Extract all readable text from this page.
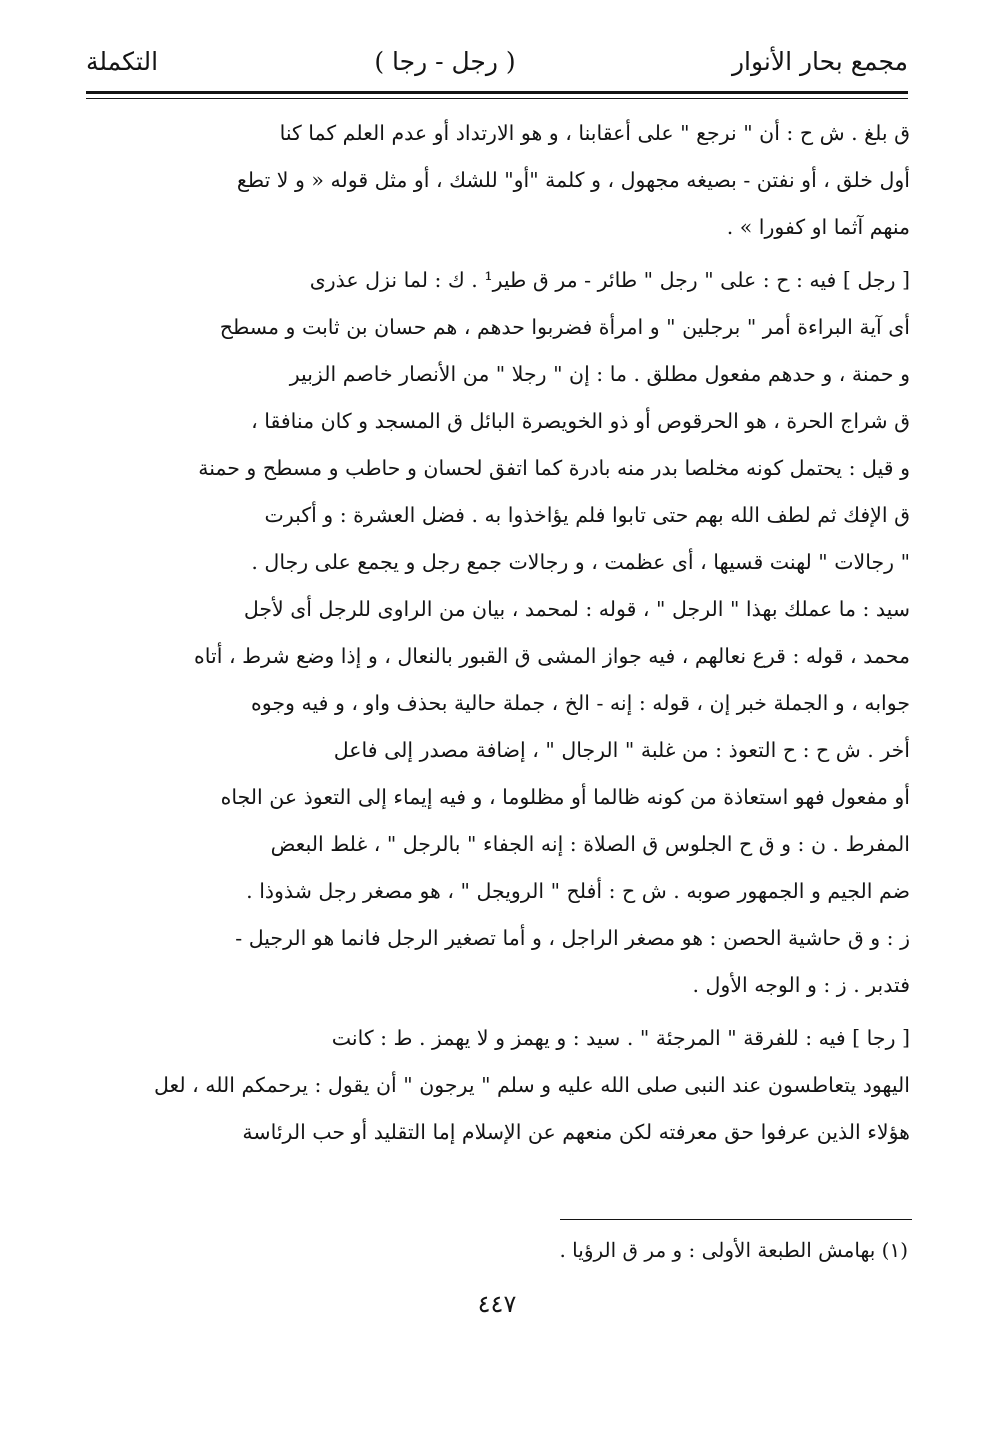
مجمع بحار الأنوار
( رجل - رجا )
التكملة

ق بلغ . ش ح : أن " نرجع " على أعقابنا ، و هو الارتداد أو عدم العلم كما كنا

أول خلق ، أو نفتن - بصيغه مجهول ، و كلمة "أو" للشك ، أو مثل قوله « و لا تطع

منهم آثما او كفورا » .

[ رجل ] فيه : ح : على " رجل " طائر - مر ق طير¹ . ك : لما نزل عذرى

أى آية البراءة أمر " برجلين " و امرأة فضربوا حدهم ، هم حسان بن ثابت و مسطح

و حمنة ، و حدهم مفعول مطلق . ما : إن " رجلا " من الأنصار خاصم الزبير

ق شراج الحرة ، هو الحرقوص أو ذو الخويصرة البائل ق المسجد و كان منافقا ،

و قيل : يحتمل كونه مخلصا بدر منه بادرة كما اتفق لحسان و حاطب و مسطح و حمنة

ق الإفك ثم لطف الله بهم حتى تابوا فلم يؤاخذوا به . فضل العشرة : و أكبرت

" رجالات " لهنت قسيها ، أى عظمت ، و رجالات جمع رجل و يجمع على رجال .

سيد : ما عملك بهذا " الرجل " ، قوله : لمحمد ، بيان من الراوى للرجل أى لأجل

محمد ، قوله : قرع نعالهم ، فيه جواز المشى ق القبور بالنعال ، و إذا وضع شرط ، أتاه

جوابه ، و الجملة خبر إن ، قوله : إنه - الخ ، جملة حالية بحذف واو ، و فيه وجوه

أخر . ش ح : ح التعوذ : من غلبة " الرجال " ، إضافة مصدر إلى فاعل

أو مفعول فهو استعاذة من كونه ظالما أو مظلوما ، و فيه إيماء إلى التعوذ عن الجاه

المفرط . ن : و ق ح الجلوس ق الصلاة : إنه الجفاء " بالرجل " ، غلط البعض

ضم الجيم و الجمهور صوبه . ش ح : أفلح " الرويجل " ، هو مصغر رجل شذوذا .

ز : و ق حاشية الحصن : هو مصغر الراجل ، و أما تصغير الرجل فانما هو الرجيل -

فتدبر . ز : و الوجه الأول .

[ رجا ] فيه : للفرقة " المرجئة " . سيد : و يهمز و لا يهمز . ط : كانت

اليهود يتعاطسون عند النبى صلى الله عليه و سلم " يرجون " أن يقول : يرحمكم الله ، لعل

هؤلاء الذين عرفوا حق معرفته لكن منعهم عن الإسلام إما التقليد أو حب الرئاسة

(١) بهامش الطبعة الأولى : و مر ق الرؤيا .
٤٤٧
